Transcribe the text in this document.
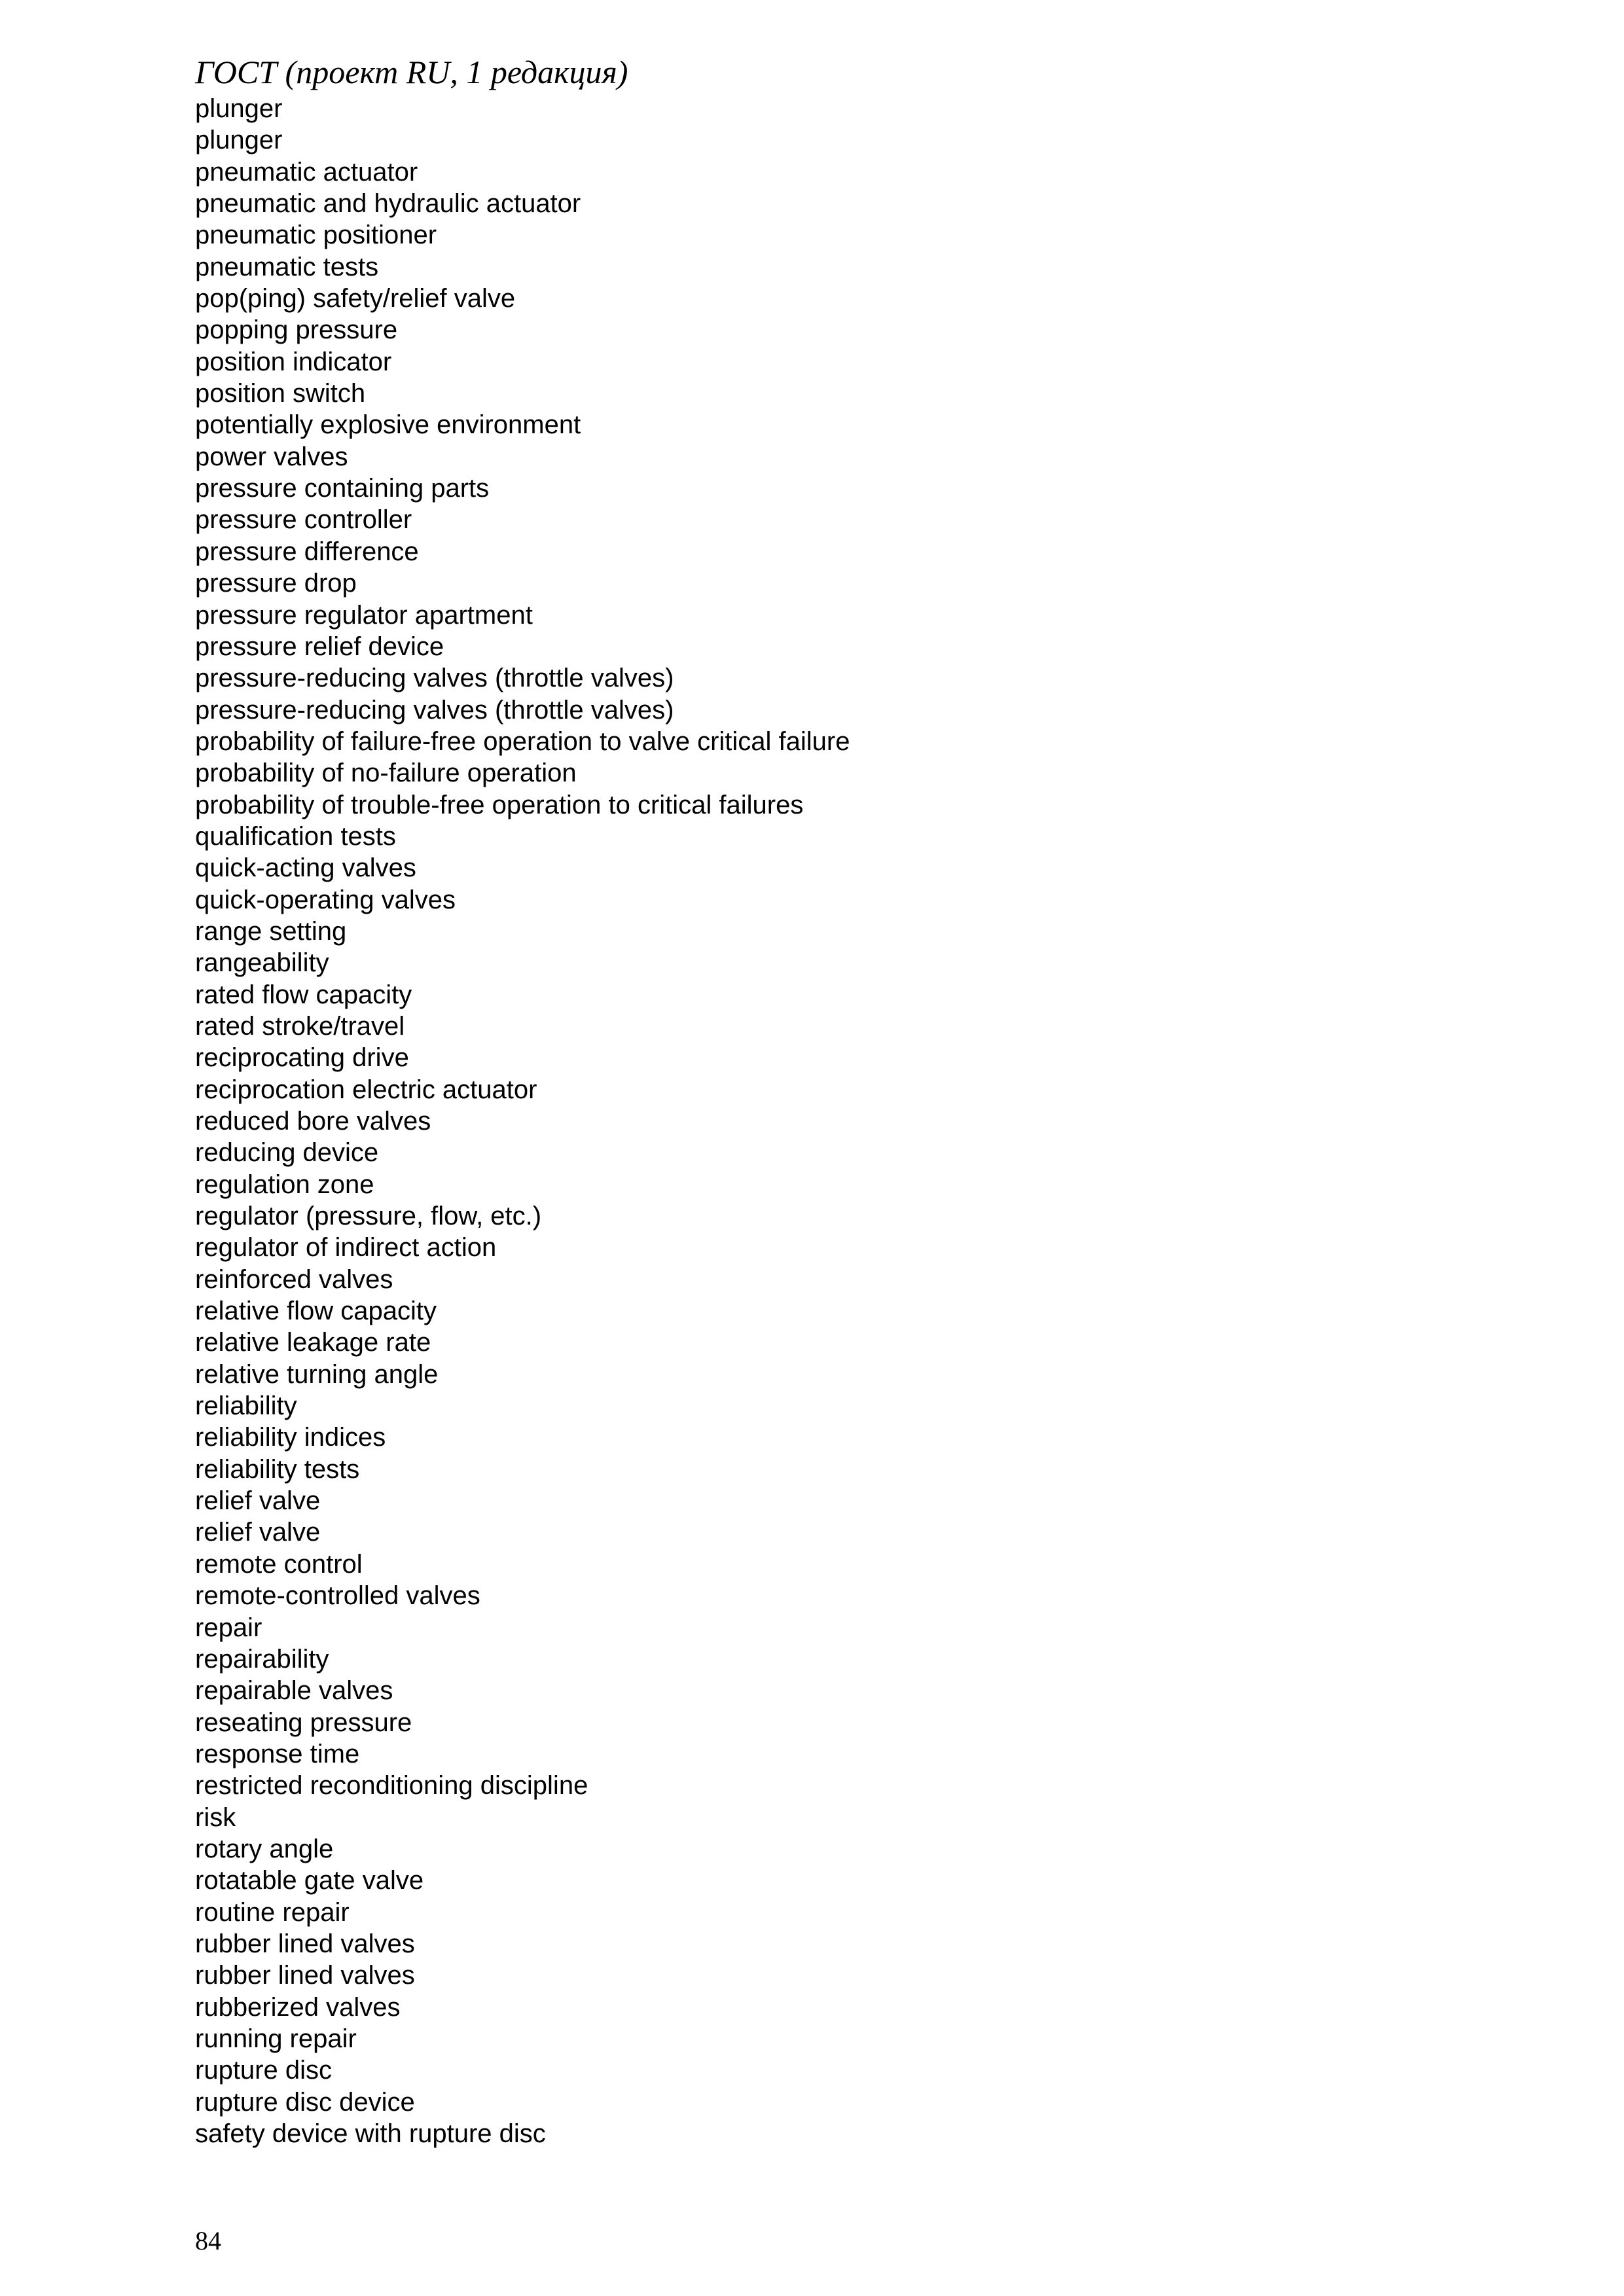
ГОСТ (проект RU, 1 редакция)
plunger
plunger
pneumatic actuator
pneumatic and hydraulic actuator
pneumatic positioner
pneumatic tests
pop(ping) safety/relief valve
popping pressure
position indicator
position switch
potentially explosive environment
power valves
pressure containing parts
pressure controller
pressure difference
pressure drop
pressure regulator apartment
pressure relief device
pressure-reducing valves (throttle valves)
pressure-reducing valves (throttle valves)
probability of failure-free operation to valve critical failure
probability of no-failure operation
probability of trouble-free operation to critical failures
qualification tests
quick-acting valves
quick-operating valves
range setting
rangeability
rated flow capacity
rated stroke/travel
reciprocating drive
reciprocation electric actuator
reduced bore valves
reducing device
regulation zone
regulator (pressure, flow, etc.)
regulator of indirect action
reinforced valves
relative flow capacity
relative leakage rate
relative turning angle
reliability
reliability indices
reliability tests
relief valve
relief valve
remote control
remote-controlled valves
repair
repairability
repairable valves
reseating pressure
response time
restricted reconditioning discipline
risk
rotary angle
rotatable gate valve
routine repair
rubber lined valves
rubber lined valves
rubberized valves
running repair
rupture disc
rupture disc device
safety device with rupture disc
84
